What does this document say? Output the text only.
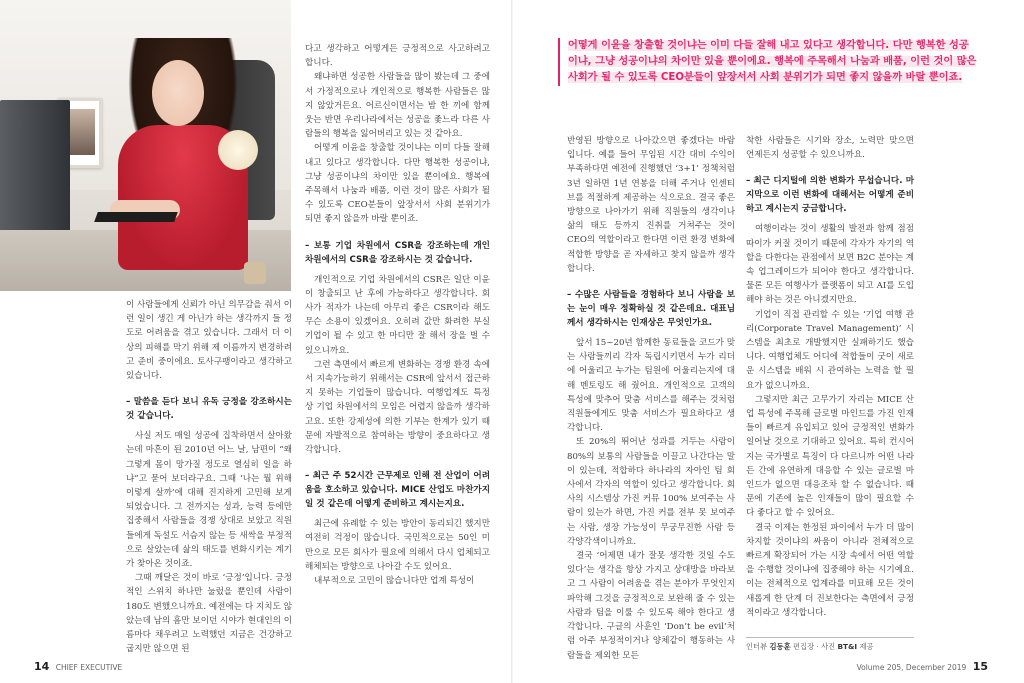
이 사람들에게 신뢰가 아닌 의무감을 줘서 이런 일이 생긴 게 아닌가 하는 생각까지 들 정도로 어려움을 겪고 있습니다. 그래서 더 이상의 피해를 막기 위해 제 이름까지 변경하려고 준비 중이에요. 토사구팽이라고 생각하고 있습니다.

– 말씀을 듣다 보니 유독 긍정을 강조하시는 것 같습니다.

사실 저도 매일 성공에 집착하면서 살아왔는데 마흔이 된 2010년 어느 날, 남편이 “왜 그렇게 몸이 망가질 정도로 열심히 일을 하냐”고 묻어 보더라구요. 그때 ‘나는 뭘 위해 이렇게 살까’에 대해 진지하게 고민해 보게 되었습니다. 그 전까지는 성과, 능력 등에만 집중해서 사람들을 경쟁 상대로 보았고 직원들에게 독설도 서슴지 않는 등 새싹을 부정적으로 살았는데 삶의 태도를 변화시키는 계기가 찾아온 것이죠.

그때 깨달은 것이 바로 ‘긍정’입니다. 긍정적인 스위치 하나만 눌렀을 뿐인데 사람이 180도 변했으니까요. 예전에는 다 지치도 않았는데 남의 흠만 보이던 시야가 현대인의 이름마다 채우려고 노력했던 지금은 건강하고 굽지만 않으면 된

다고 생각하고 어떻게든 긍정적으로 사고하려고 합니다.

왜냐하면 성공한 사람들을 많이 봤는데 그 중에서 가정적으로나 개인적으로 행복한 사람들은 많지 않았거든요. 어르신이면서는 밤 한 끼에 함께 웃는 반면 우리나라에서는 성공을 좇느라 다른 사람들의 행복을 잃어버리고 있는 것 같아요.

어떻게 이윤을 창출할 것이냐는 이미 다들 잘해 내고 있다고 생각합니다. 다만 행복한 성공이냐, 그냥 성공이냐의 차이만 있을 뿐이에요. 행복에 주목해서 나눔과 배품, 이런 것이 많은 사회가 될 수 있도록 CEO분들이 앞장서서 사회 분위기가 되면 좋지 않을까 바랄 뿐이죠.

– 보통 기업 차원에서 CSR을 강조하는데 개인 차원에서의 CSR을 강조하시는 것 같습니다.

개인적으로 기업 차원에서의 CSR은 일단 이윤이 창출되고 난 후에 가능하다고 생각합니다. 회사가 적자가 나는데 아무리 좋은 CSR이라 해도 무슨 소용이 있겠어요. 오히려 값만 화려한 부실기업이 될 수 있고 한 마디만 잘 해서 장을 벌 수 있으니까요.

그런 측면에서 빠르게 변화하는 경쟁 환경 속에서 지속가능하기 위해서는 CSR에 앞서서 접근하지 못하는 기업들이 많습니다. 여행업계도 특정 상 기업 차원에서의 모임은 어렵지 않을까 생각하고요. 또한 강제성에 의한 기부는 한계가 있기 때문에 자발적으로 참여하는 방향이 중요하다고 생각합니다.

– 최근 주 52시간 근무제로 인해 전 산업이 어려움을 호소하고 있습니다. MICE 산업도 마찬가지일 것 같은데 어떻게 준비하고 계시는지요.

최근에 유례할 수 있는 방안이 동리되긴 했지만 여전히 걱정이 많습니다. 국민적으로는 50인 미만으로 모든 회사가 필요에 의해서 다시 업체되고 해체되는 방향으로 나아갈 수도 있어요.

내부적으로 고민이 많습니다만 업계 특성이

어떻게 이윤을 창출할 것이냐는 이미 다들 잘해 내고 있다고 생각합니다. 다만 행복한 성공이냐, 그냥 성공이냐의 차이만 있을 뿐이에요. 행복에 주목해서 나눔과 배품, 이런 것이 많은 사회가 될 수 있도록 CEO분들이 앞장서서 사회 분위기가 되면 좋지 않을까 바랄 뿐이죠.

반영된 방향으로 나아갔으면 좋겠다는 바람입니다. 예를 들어 무임된 시간 대비 수익이 부족하다면 예전에 진행했던 ‘3+1’ 정책처럼 3년 일하면 1년 연봉을 더해 주거나 인센티브를 적절하게 제공하는 식으로요. 결국 좋은 방향으로 나아가기 위해 직원들의 생각이나 삶의 태도 등까지 진취를 거쳐주는 것이 CEO의 역할이라고 한다면 이런 환경 변화에 적합한 방향을 곧 자세하고 찾지 않을까 생각합니다.

– 수많은 사람들을 경험하다 보니 사람을 보는 눈이 매우 정확하실 것 같은데요. 대표님께서 생각하시는 인재상은 무엇인가요.

앞서 15~20년 함께한 동료들을 코드가 맞는 사람들끼리 각자 독립시키면서 누가 리더에 어울리고 누가는 팀원에 어울리는지에 대해 멘토링도 해 줬어요. 개인적으로 고객의 특성에 맞추어 맞춤 서비스를 해주는 것처럼 직원들에게도 맞춤 서비스가 필요하다고 생각합니다.

또 20%의 뛰어난 성과를 거두는 사람이 80%의 보통의 사람들을 이끌고 나간다는 말이 있는데, 적합하다 하나라의 자아인 팀 회사에서 각자의 역할이 있다고 생각합니다. 회사의 시스템상 가진 커뮤 100% 보여주는 사람이 있는가 하면, 가진 커를 전부 못 보여주는 사람, 생장 가능성이 무궁무진한 사람 등 각양각색이니까요.

결국 ‘어제면 내가 잘못 생각한 것일 수도 있다’는 생각을 항상 가지고 상대방을 바라보고 그 사람이 어려움을 겪는 분야가 무엇인지 파악해 그것을 긍정적으로 보완해 줄 수 있는 사람과 팀을 이룰 수 있도록 해야 한다고 생각합니다. 구글의 사훈인 ‘Don’t be evil’처럼 아주 부정적이거나 양체같이 행동하는 사람들을 제외한 모든

착한 사람들은 시기와 장소, 노력만 맞으면 언제든지 성공할 수 있으니까요.

– 최근 디지털에 의한 변화가 무섭습니다. 마지막으로 이런 변화에 대해서는 어떻게 준비하고 계시는지 궁금합니다.

여행이라는 것이 생활의 발전과 함께 점점 따이가 커질 것이기 때문에 각자가 자기의 역할을 다한다는 관점에서 보면 B2C 분야는 계속 업그레이드가 되어야 한다고 생각합니다. 물론 모든 여행사가 플랫폼이 되고 AI를 도입해야 하는 것은 아니겠지만요.

기업이 직접 관리할 수 있는 ‘기업 여행 관리(Corporate Travel Management)’ 시스템을 최초로 개발했지만 실패하기도 했습니다. 여행업체도 어디에 적합들이 굿이 새로운 시스템을 배워 시 관여하는 노력을 할 필요가 없으니까요.

그렇지만 최근 고무가기 자리는 MICE 산업 특성에 주목해 글로벌 마인드를 가진 인재들이 빠르게 유입되고 있어 긍정적인 변화가 일어날 것으로 기대하고 있어요. 특히 컨시어지는 국가별로 특징이 다 다르니까 어떤 나라든 간에 유연하게 대응할 수 있는 글로벌 마인드가 없으면 대응조차 할 수 없습니다. 때문에 기존에 높은 인재들이 많이 필요할 수 다 좋다고 할 수 있어요.

결국 이제는 한정된 파이에서 누가 더 많이 차지할 것이냐의 싸움이 아니라 전체적으로 빠르게 확장되어 가는 시장 속에서 어떤 역할을 수행할 것이냐에 집중해야 하는 시기예요. 이는 전체적으로 업계라를 미묘해 모든 것이 새롭게 한 단계 더 진보한다는 측면에서 긍정적이라고 생각합니다.

인터뷰 김동훈 편집장 · 사진 BT&I 제공
14 CHIEF EXECUTIVE	Volume 205, December 2019 15
